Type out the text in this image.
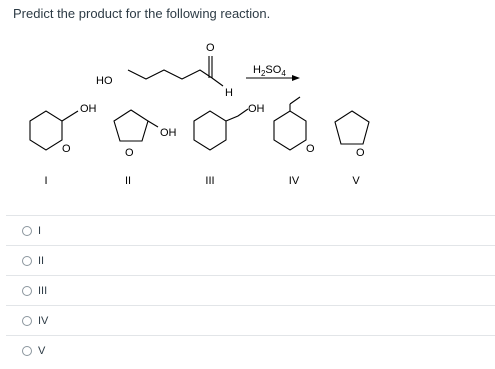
Predict the product for the following reaction.
HO
O
H
$H_2SO_4$
OH
O	O
OH
OH
O	O
I	II	III	IV	V
I
II
III
IV
V
